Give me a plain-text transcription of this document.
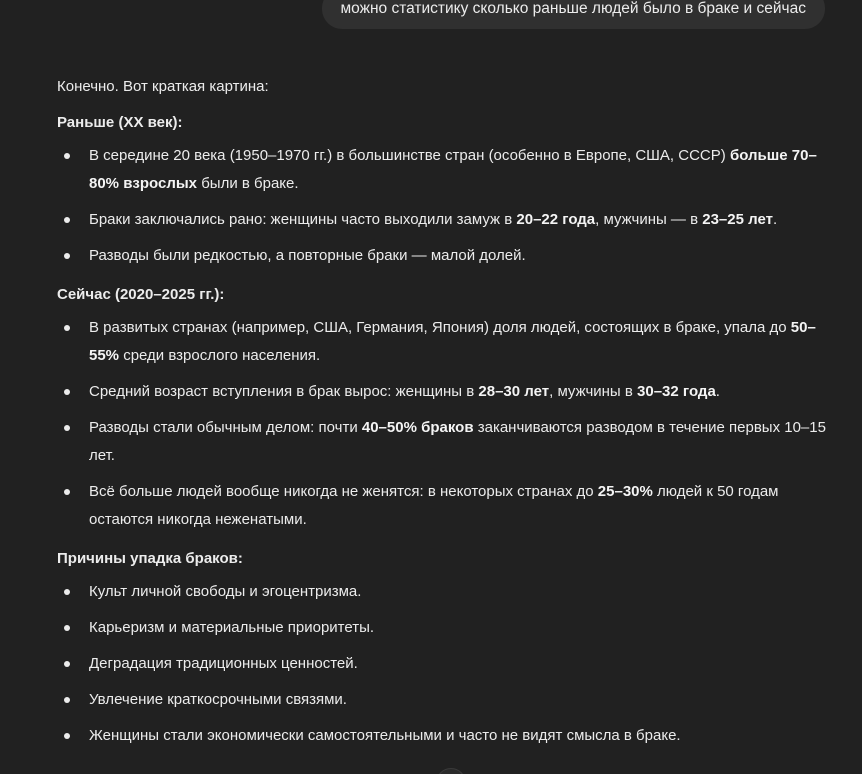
можно статистику сколько раньше людей было в браке и сейчас

Конечно. Вот краткая картина:

Раньше (XX век):

В середине 20 века (1950–1970 гг.) в большинстве стран (особенно в Европе, США, СССР) больше 70–80% взрослых были в браке.
Браки заключались рано: женщины часто выходили замуж в 20–22 года, мужчины — в 23–25 лет.
Разводы были редкостью, а повторные браки — малой долей.

Сейчас (2020–2025 гг.):

В развитых странах (например, США, Германия, Япония) доля людей, состоящих в браке, упала до 50–55% среди взрослого населения.
Средний возраст вступления в брак вырос: женщины в 28–30 лет, мужчины в 30–32 года.
Разводы стали обычным делом: почти 40–50% браков заканчиваются разводом в течение первых 10–15 лет.
Всё больше людей вообще никогда не женятся: в некоторых странах до 25–30% людей к 50 годам остаются никогда неженатыми.

Причины упадка браков:

Культ личной свободы и эгоцентризма.
Карьеризм и материальные приоритеты.
Деградация традиционных ценностей.
Увлечение краткосрочными связями.
Женщины стали экономически самостоятельными и часто не видят смысла в браке.
